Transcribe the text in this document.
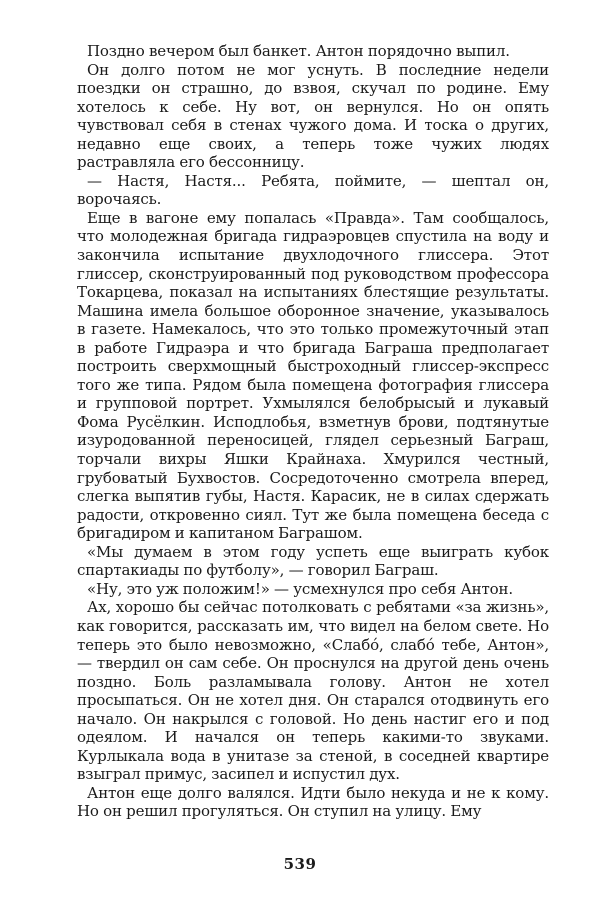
Поздно вечером был банкет. Антон порядочно выпил.

Он долго потом не мог уснуть. В последние недели поездки он страшно, до взвоя, скучал по родине. Ему хотелось к себе. Ну вот, он вернулся. Но он опять чувствовал себя в стенах чужого дома. И тоска о других, недавно еще своих, а теперь тоже чужих людях растравляла его бессонницу.

— Настя, Настя... Ребята, поймите, — шептал он, ворочаясь.

Еще в вагоне ему попалась «Правда». Там сообщалось, что молодежная бригада гидраэровцев спустила на воду и закончила испытание двухлодочного глиссера. Этот глиссер, сконструированный под руководством профессора Токарцева, показал на испытаниях блестящие результаты. Машина имела большое оборонное значение, указывалось в газете. Намекалось, что это только промежуточный этап в работе Гидраэра и что бригада Баграша предполагает построить сверхмощный быстроходный глиссер-экспресс того же типа. Рядом была помещена фотография глиссера и групповой портрет. Ухмылялся белобрысый и лукавый Фома Русёлкин. Исподлобья, взметнув брови, подтянутые изуродованной переносицей, глядел серьезный Баграш, торчали вихры Яшки Крайнаха. Хмурился честный, грубоватый Бухвостов. Сосредоточенно смотрела вперед, слегка выпятив губы, Настя. Карасик, не в силах сдержать радости, откровенно сиял. Тут же была помещена беседа с бригадиром и капитаном Баграшом.

«Мы думаем в этом году успеть еще выиграть кубок спартакиады по футболу», — говорил Баграш.

«Ну, это уж положим!» — усмехнулся про себя Антон.

Ах, хорошо бы сейчас потолковать с ребятами «за жизнь», как говорится, рассказать им, что видел на белом свете. Но теперь это было невозможно, «Слабó, слабó тебе, Антон», — твердил он сам себе. Он проснулся на другой день очень поздно. Боль разламывала голову. Антон не хотел просыпаться. Он не хотел дня. Он старался отодвинуть его начало. Он накрылся с головой. Но день настиг его и под одеялом. И начался он теперь какими-то звуками. Курлыкала вода в унитазе за стеной, в соседней квартире взыграл примус, засипел и испустил дух.

Антон еще долго валялся. Идти было некуда и не к кому. Но он решил прогуляться. Он ступил на улицу. Ему

539
